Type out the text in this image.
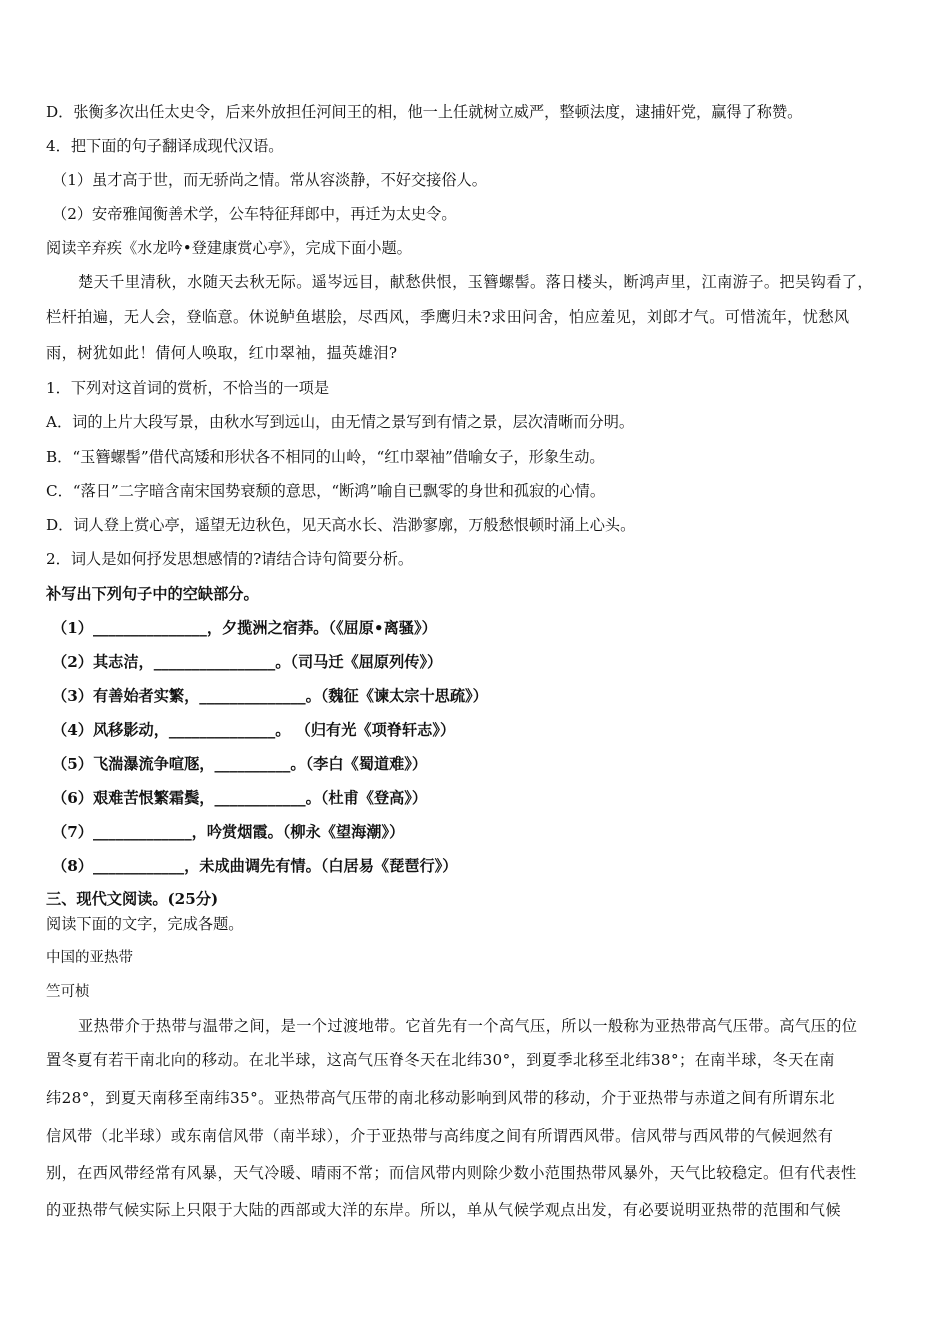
D．张衡多次出任太史令，后来外放担任河间王的相，他一上任就树立威严，整顿法度，逮捕奸党，赢得了称赞。

4．把下面的句子翻译成现代汉语。

（1）虽才高于世，而无骄尚之情。常从容淡静，不好交接俗人。

（2）安帝雅闻衡善术学，公车特征拜郎中，再迁为太史令。

阅读辛弃疾《水龙吟•登建康赏心亭》，完成下面小题。

楚天千里清秋，水随天去秋无际。遥岑远目，献愁供恨，玉簪螺髻。落日楼头，断鸿声里，江南游子。把吴钩看了，

栏杆拍遍，无人会，登临意。休说鲈鱼堪脍，尽西风，季鹰归未?求田问舍，怕应羞见，刘郎才气。可惜流年，忧愁风

雨，树犹如此！倩何人唤取，红巾翠袖，揾英雄泪?

1．下列对这首词的赏析，不恰当的一项是

A．词的上片大段写景，由秋水写到远山，由无情之景写到有情之景，层次清晰而分明。

B．“玉簪螺髻”借代高矮和形状各不相同的山岭，“红巾翠袖”借喻女子，形象生动。

C．“落日”二字暗含南宋国势衰颓的意思，“断鸿”喻自已飘零的身世和孤寂的心情。

D．词人登上赏心亭，遥望无边秋色，见天高水长、浩渺寥廓，万般愁恨顿时涌上心头。

2．词人是如何抒发思想感情的?请结合诗句简要分析。

补写出下列句子中的空缺部分。

（1）_______________，夕揽洲之宿莽。（《屈原•离骚》）

（2）其志洁，________________。（司马迁《屈原列传》）

（3）有善始者实繁，______________。（魏征《谏太宗十思疏》）

（4）风移影动，______________。 （归有光《项脊轩志》）

（5）飞湍瀑流争喧豗，__________。（李白《蜀道难》）

（6）艰难苦恨繁霜鬓，____________。（杜甫《登高》）

（7）_____________，吟赏烟霞。（柳永《望海潮》）

（8）____________，未成曲调先有情。（白居易《琵琶行》）

三、现代文阅读。(25分)

阅读下面的文字，完成各题。

中国的亚热带

竺可桢

亚热带介于热带与温带之间，是一个过渡地带。它首先有一个高气压，所以一般称为亚热带高气压带。高气压的位

置冬夏有若干南北向的移动。在北半球，这高气压脊冬天在北纬30°，到夏季北移至北纬38°；在南半球，冬天在南

纬28°，到夏天南移至南纬35°。亚热带高气压带的南北移动影响到风带的移动，介于亚热带与赤道之间有所谓东北

信风带（北半球）或东南信风带（南半球），介于亚热带与高纬度之间有所谓西风带。信风带与西风带的气候迥然有

别，在西风带经常有风暴，天气冷暖、晴雨不常；而信风带内则除少数小范围热带风暴外，天气比较稳定。但有代表性

的亚热带气候实际上只限于大陆的西部或大洋的东岸。所以，单从气候学观点出发，有必要说明亚热带的范围和气候
